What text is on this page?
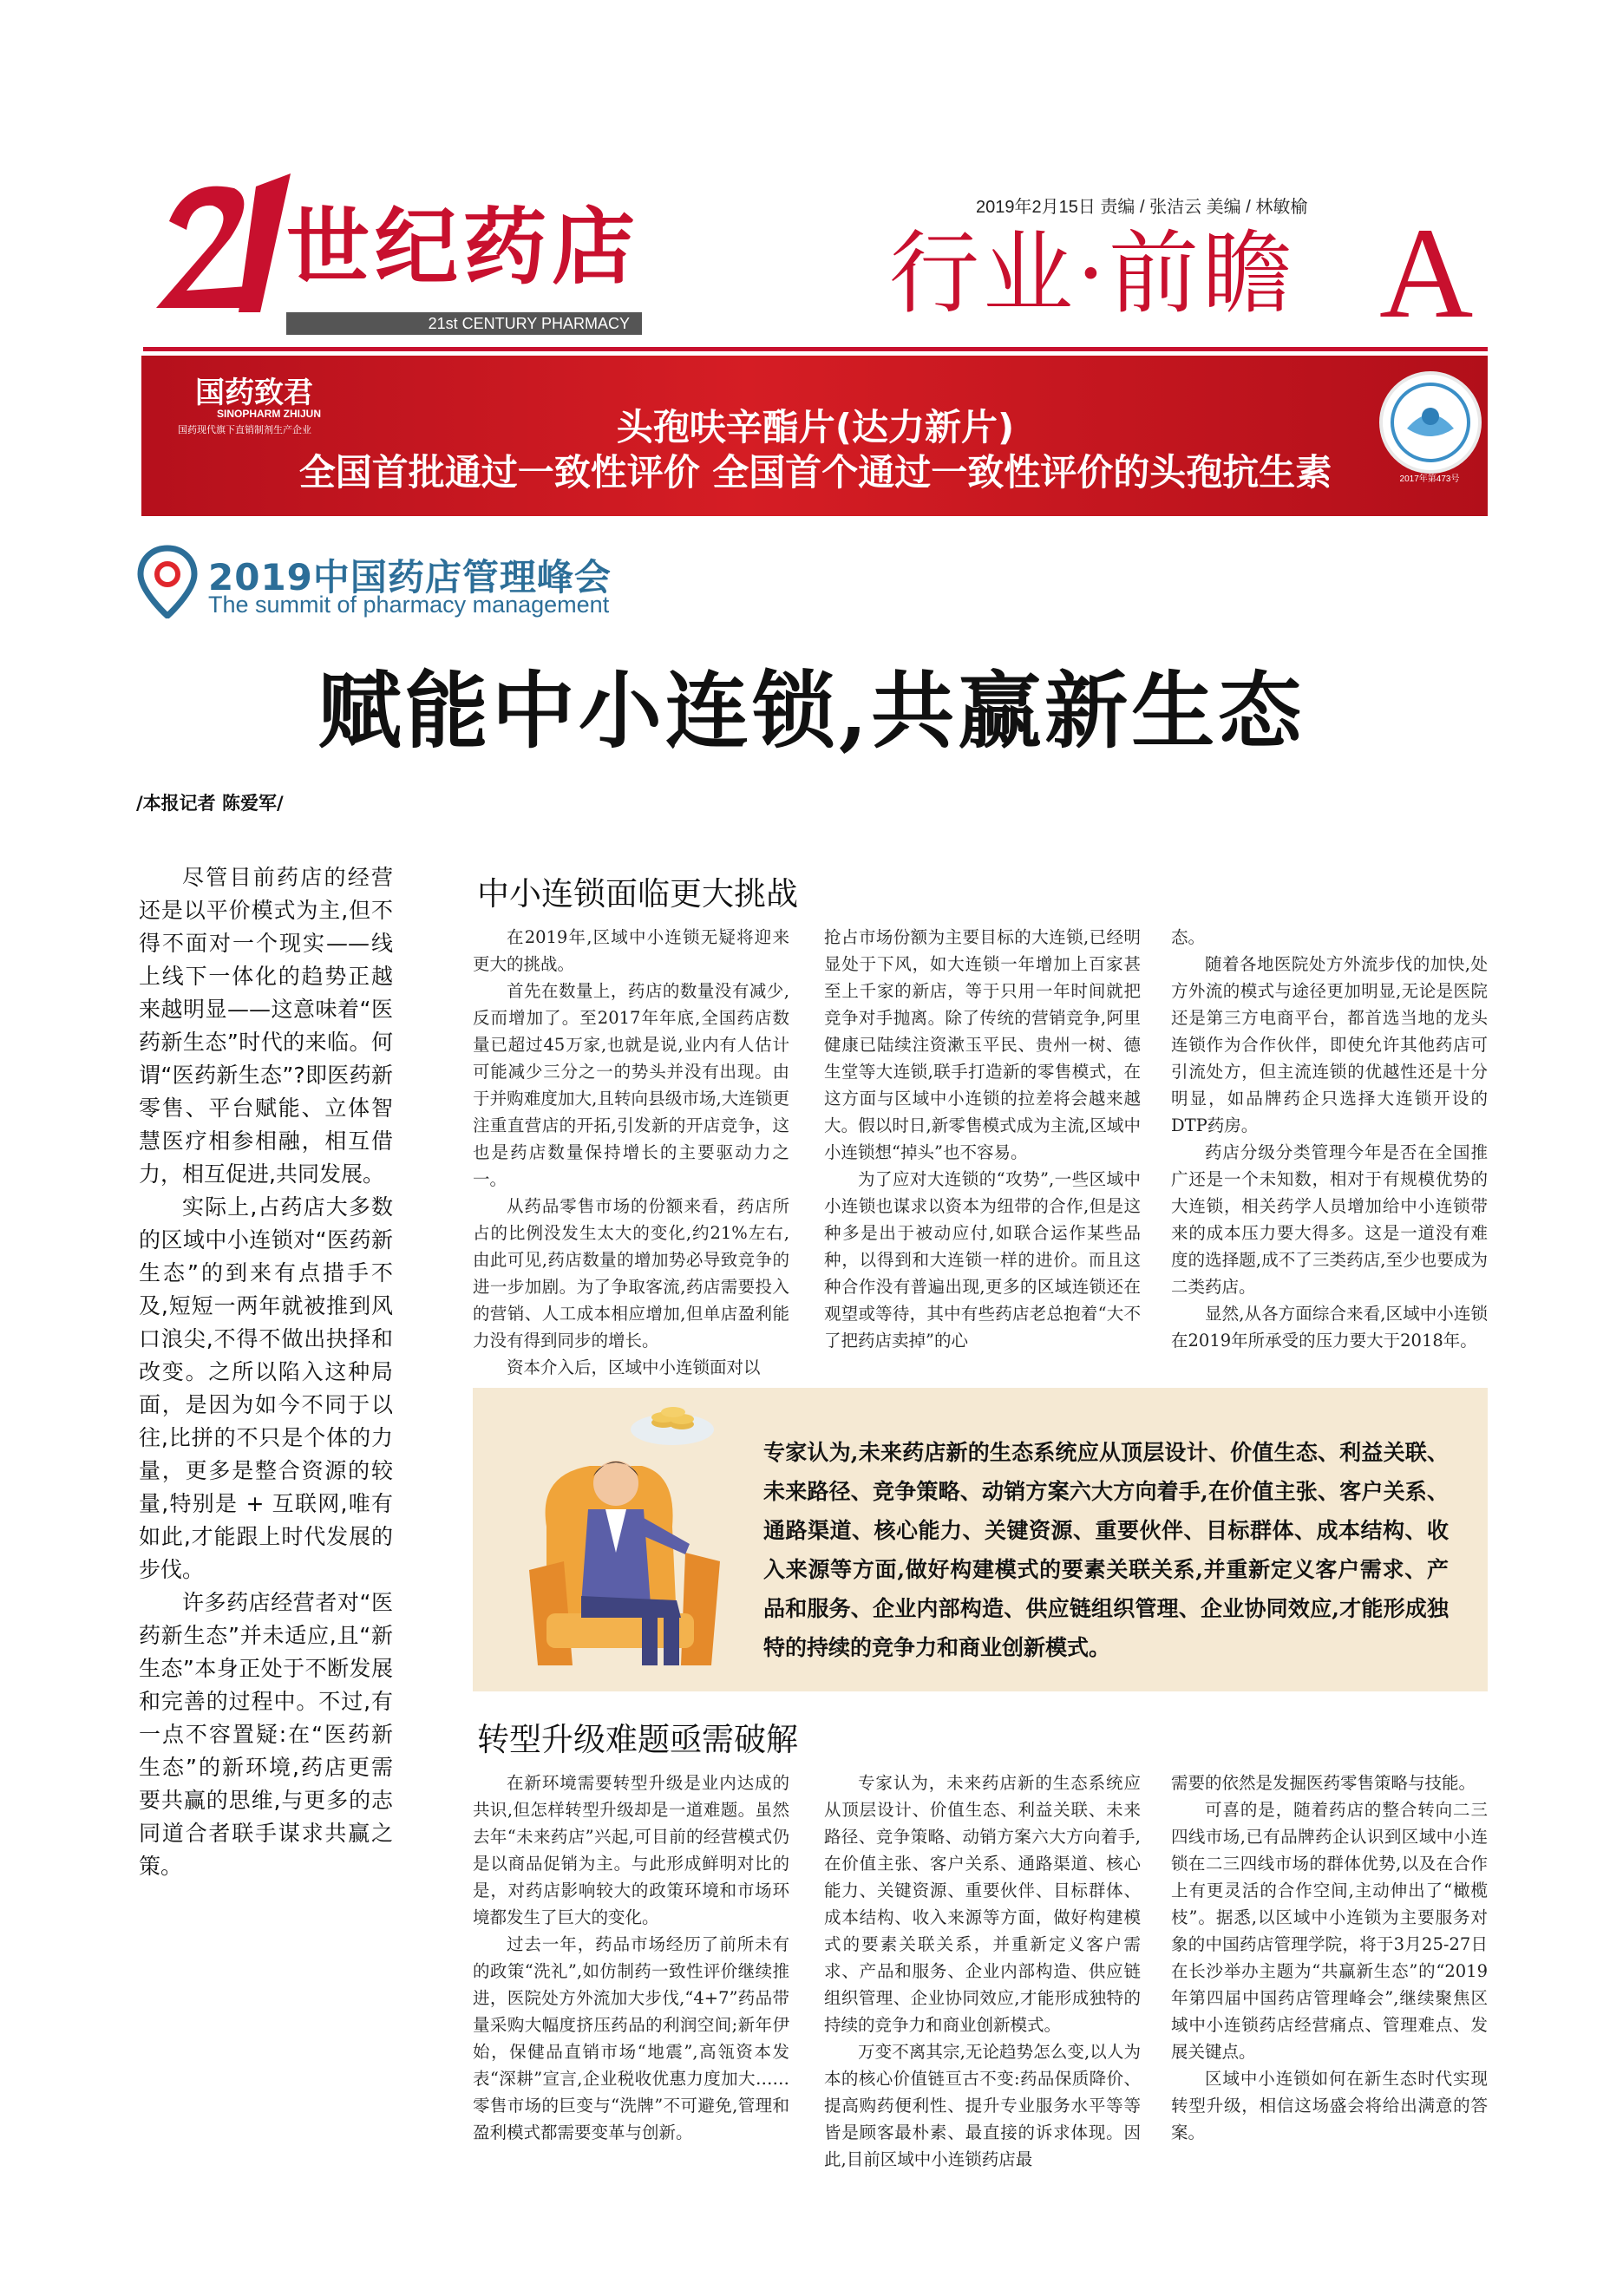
世纪药店
21st CENTURY PHARMACY
2019年2月15日 责编 / 张洁云 美编 / 林敏榆
行业·前瞻 A
国药致君
SINOPHARM ZHIJUN
国药现代旗下直销制剂生产企业	头孢呋辛酯片(达力新片)
全国首批通过一致性评价 全国首个通过一致性评价的头孢抗生素	2017年第473号
2019中国药店管理峰会
The summit of pharmacy management
赋能中小连锁,共赢新生态
/本报记者 陈爱军/

尽管目前药店的经营还是以平价模式为主,但不得不面对一个现实——线上线下一体化的趋势正越来越明显——这意味着“医药新生态”时代的来临。何谓“医药新生态”?即医药新零售、平台赋能、立体智慧医疗相参相融，相互借力，相互促进,共同发展。

实际上,占药店大多数的区域中小连锁对“医药新生态”的到来有点措手不及,短短一两年就被推到风口浪尖,不得不做出抉择和改变。之所以陷入这种局面，是因为如今不同于以往,比拼的不只是个体的力量，更多是整合资源的较量,特别是 + 互联网,唯有如此,才能跟上时代发展的步伐。

许多药店经营者对“医药新生态”并未适应,且“新生态”本身正处于不断发展和完善的过程中。不过,有一点不容置疑:在“医药新生态”的新环境,药店更需要共赢的思维,与更多的志同道合者联手谋求共赢之策。

中小连锁面临更大挑战

在2019年,区域中小连锁无疑将迎来更大的挑战。

首先在数量上，药店的数量没有减少,反而增加了。至2017年年底,全国药店数量已超过45万家,也就是说,业内有人估计可能减少三分之一的势头并没有出现。由于并购难度加大,且转向县级市场,大连锁更注重直营店的开拓,引发新的开店竞争，这也是药店数量保持增长的主要驱动力之一。

从药品零售市场的份额来看，药店所占的比例没发生太大的变化,约21%左右,由此可见,药店数量的增加势必导致竞争的进一步加剧。为了争取客流,药店需要投入的营销、人工成本相应增加,但单店盈利能力没有得到同步的增长。

资本介入后，区域中小连锁面对以

抢占市场份额为主要目标的大连锁,已经明显处于下风，如大连锁一年增加上百家甚至上千家的新店，等于只用一年时间就把竞争对手抛离。除了传统的营销竞争,阿里健康已陆续注资漱玉平民、贵州一树、德生堂等大连锁,联手打造新的零售模式，在这方面与区域中小连锁的拉差将会越来越大。假以时日,新零售模式成为主流,区域中小连锁想“掉头”也不容易。

为了应对大连锁的“攻势”,一些区域中小连锁也谋求以资本为纽带的合作,但是这种多是出于被动应付,如联合运作某些品种，以得到和大连锁一样的进价。而且这种合作没有普遍出现,更多的区域连锁还在观望或等待，其中有些药店老总抱着“大不了把药店卖掉”的心

态。

随着各地医院处方外流步伐的加快,处方外流的模式与途径更加明显,无论是医院还是第三方电商平台，都首选当地的龙头连锁作为合作伙伴，即使允许其他药店可引流处方，但主流连锁的优越性还是十分明显，如品牌药企只选择大连锁开设的DTP药房。

药店分级分类管理今年是否在全国推广还是一个未知数，相对于有规模优势的大连锁，相关药学人员增加给中小连锁带来的成本压力要大得多。这是一道没有难度的选择题,成不了三类药店,至少也要成为二类药店。

显然,从各方面综合来看,区域中小连锁在2019年所承受的压力要大于2018年。

专家认为,未来药店新的生态系统应从顶层设计、价值生态、利益关联、未来路径、竞争策略、动销方案六大方向着手,在价值主张、客户关系、通路渠道、核心能力、关键资源、重要伙伴、目标群体、成本结构、收入来源等方面,做好构建模式的要素关联关系,并重新定义客户需求、产品和服务、企业内部构造、供应链组织管理、企业协同效应,才能形成独特的持续的竞争力和商业创新模式。
转型升级难题亟需破解

在新环境需要转型升级是业内达成的共识,但怎样转型升级却是一道难题。虽然去年“未来药店”兴起,可目前的经营模式仍是以商品促销为主。与此形成鲜明对比的是，对药店影响较大的政策环境和市场环境都发生了巨大的变化。

过去一年，药品市场经历了前所未有的政策“洗礼”,如仿制药一致性评价继续推进，医院处方外流加大步伐,“4+7”药品带量采购大幅度挤压药品的利润空间;新年伊始，保健品直销市场“地震”,高瓴资本发表“深耕”宣言,企业税收优惠力度加大……零售市场的巨变与“洗牌”不可避免,管理和盈利模式都需要变革与创新。

专家认为，未来药店新的生态系统应从顶层设计、价值生态、利益关联、未来路径、竞争策略、动销方案六大方向着手,在价值主张、客户关系、通路渠道、核心能力、关键资源、重要伙伴、目标群体、成本结构、收入来源等方面，做好构建模式的要素关联关系，并重新定义客户需求、产品和服务、企业内部构造、供应链组织管理、企业协同效应,才能形成独特的持续的竞争力和商业创新模式。

万变不离其宗,无论趋势怎么变,以人为本的核心价值链亘古不变:药品保质降价、提高购药便利性、提升专业服务水平等等皆是顾客最朴素、最直接的诉求体现。因此,目前区域中小连锁药店最

需要的依然是发掘医药零售策略与技能。

可喜的是，随着药店的整合转向二三四线市场,已有品牌药企认识到区域中小连锁在二三四线市场的群体优势,以及在合作上有更灵活的合作空间,主动伸出了“橄榄枝”。据悉,以区域中小连锁为主要服务对象的中国药店管理学院，将于3月25-27日在长沙举办主题为“共赢新生态”的“2019年第四届中国药店管理峰会”,继续聚焦区域中小连锁药店经营痛点、管理难点、发展关键点。

区域中小连锁如何在新生态时代实现转型升级，相信这场盛会将给出满意的答案。
